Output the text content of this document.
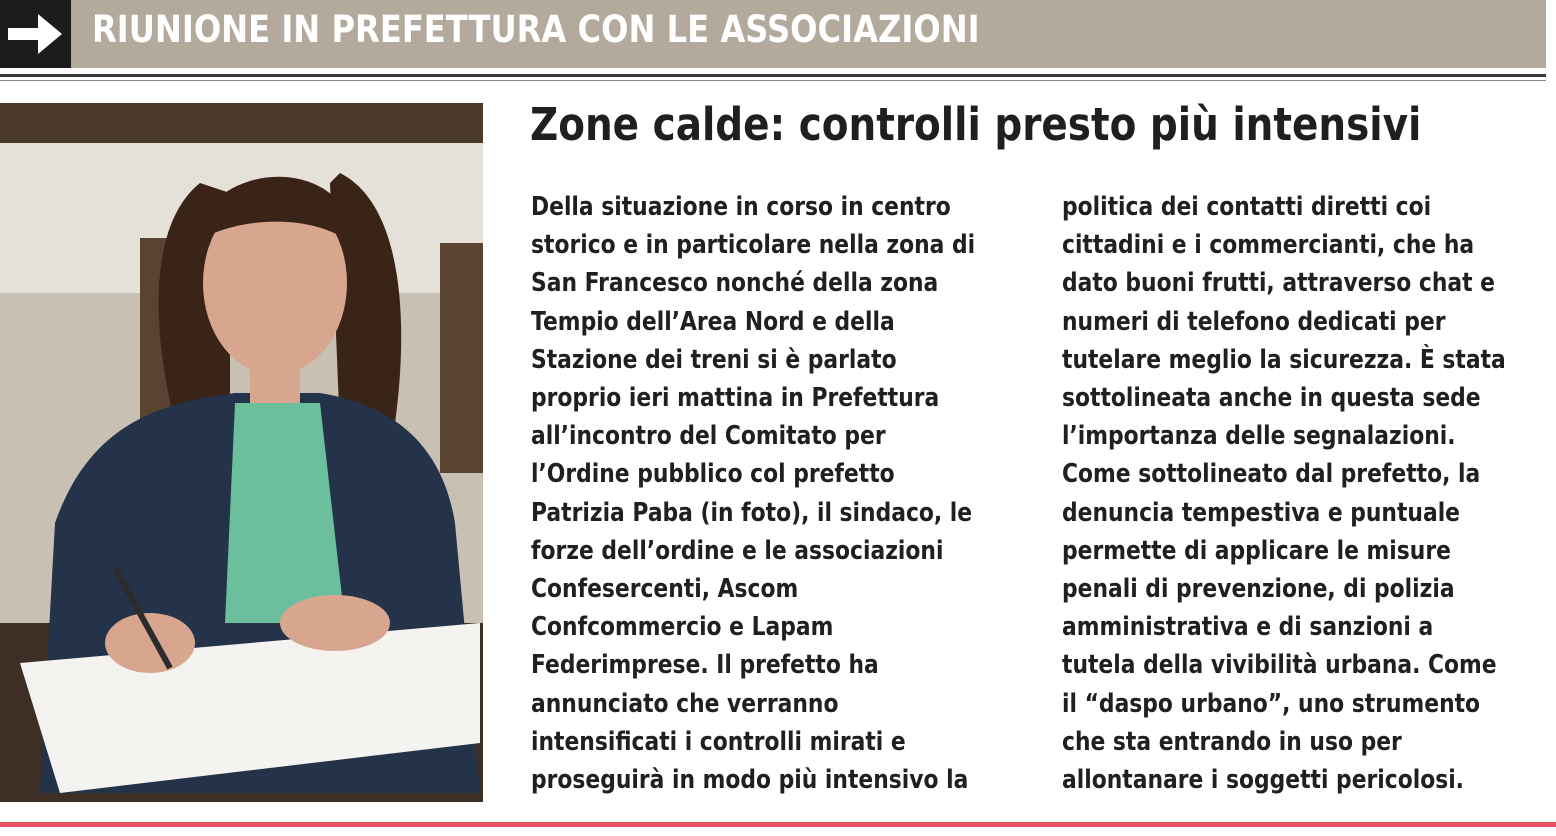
RIUNIONE IN PREFETTURA CON LE ASSOCIAZIONI
Zone calde: controlli presto più intensivi
Della situazione in corso in centro
storico e in particolare nella zona di
San Francesco nonché della zona
Tempio dell’Area Nord e della
Stazione dei treni si è parlato
proprio ieri mattina in Prefettura
all’incontro del Comitato per
l’Ordine pubblico col prefetto
Patrizia Paba (in foto), il sindaco, le
forze dell’ordine e le associazioni
Confesercenti, Ascom
Confcommercio e Lapam
Federimprese. Il prefetto ha
annunciato che verranno
intensificati i controlli mirati e
proseguirà in modo più intensivo la
politica dei contatti diretti coi
cittadini e i commercianti, che ha
dato buoni frutti, attraverso chat e
numeri di telefono dedicati per
tutelare meglio la sicurezza. È stata
sottolineata anche in questa sede
l’importanza delle segnalazioni.
Come sottolineato dal prefetto, la
denuncia tempestiva e puntuale
permette di applicare le misure
penali di prevenzione, di polizia
amministrativa e di sanzioni a
tutela della vivibilità urbana. Come
il “daspo urbano”, uno strumento
che sta entrando in uso per
allontanare i soggetti pericolosi.
